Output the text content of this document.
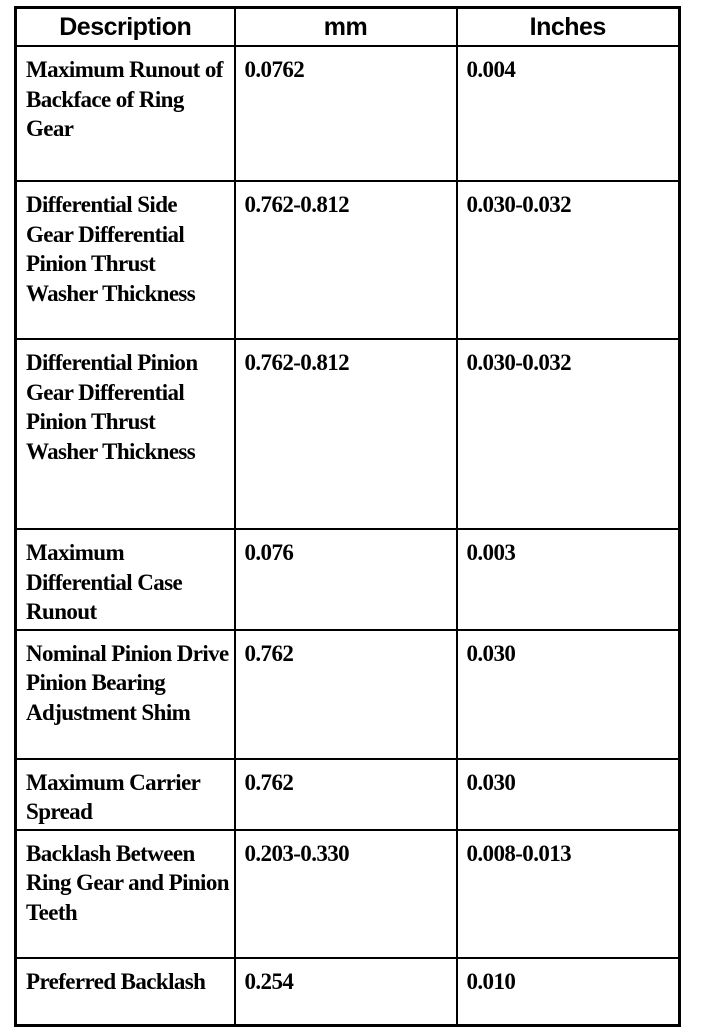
Description	mm	Inches
Maximum Runout of Backface of Ring Gear	0.0762	0.004
Differential Side Gear Differential Pinion Thrust Washer Thickness	0.762-0.812	0.030-0.032
Differential Pinion Gear Differential Pinion Thrust Washer Thickness	0.762-0.812	0.030-0.032
Maximum Differential Case Runout	0.076	0.003
Nominal Pinion Drive Pinion Bearing Adjustment Shim	0.762	0.030
Maximum Carrier Spread	0.762	0.030
Backlash Between Ring Gear and Pinion Teeth	0.203-0.330	0.008-0.013
Preferred Backlash	0.254	0.010
